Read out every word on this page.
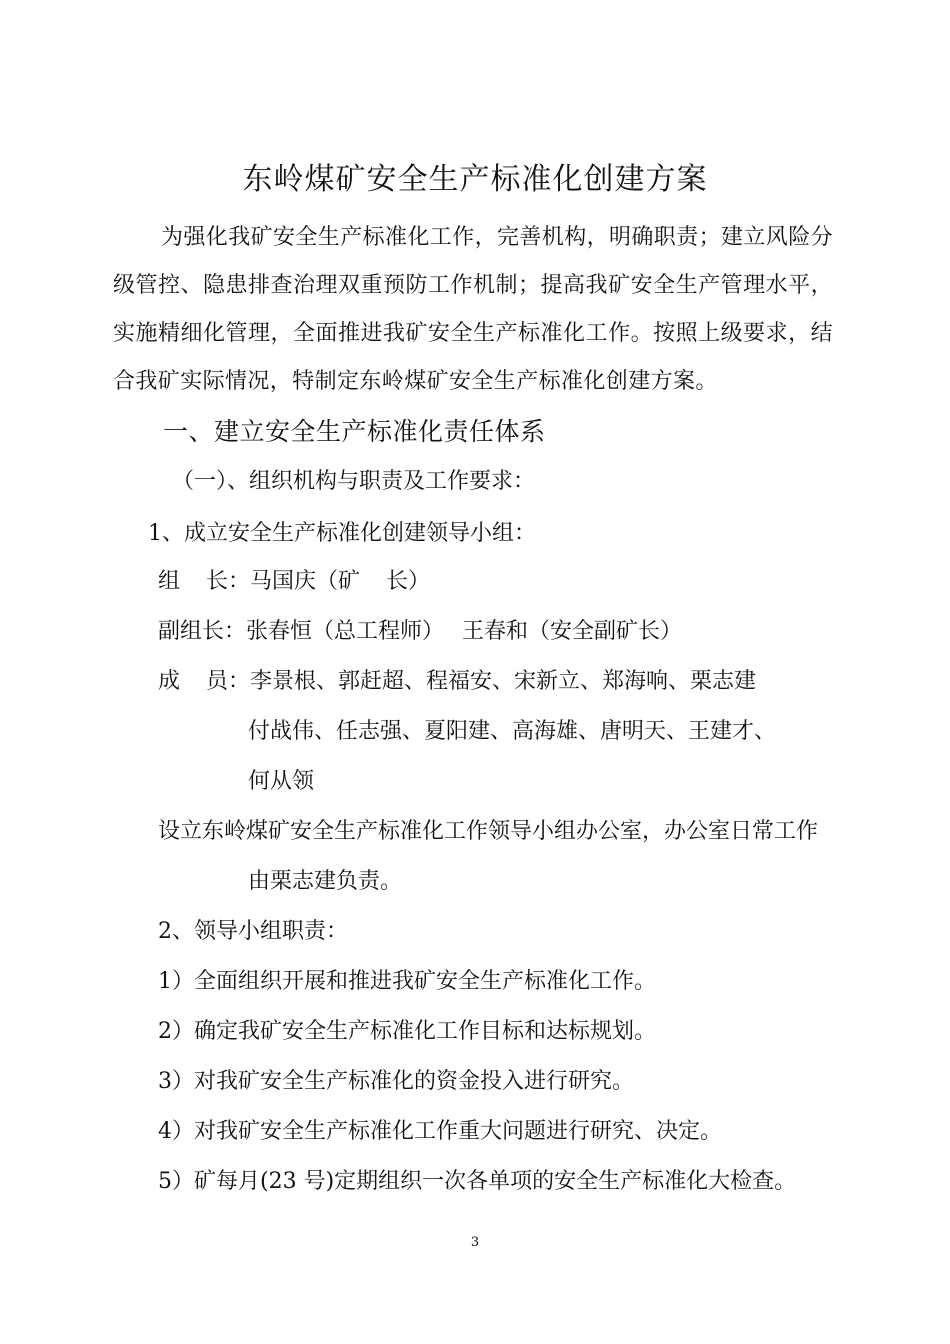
东岭煤矿安全生产标准化创建方案

为强化我矿安全生产标准化工作，完善机构，明确职责；建立风险分级管控、隐患排查治理双重预防工作机制；提高我矿安全生产管理水平，实施精细化管理，全面推进我矿安全生产标准化工作。按照上级要求，结合我矿实际情况，特制定东岭煤矿安全生产标准化创建方案。

一、建立安全生产标准化责任体系
（一）、组织机构与职责及工作要求：
1、成立安全生产标准化创建领导小组：
组 长：马国庆（矿 长）
副组长：张春恒（总工程师） 王春和（安全副矿长）
成 员：李景根、郭赶超、程福安、宋新立、郑海响、栗志建
付战伟、任志强、夏阳建、高海雄、唐明天、王建才、
何从领
设立东岭煤矿安全生产标准化工作领导小组办公室，办公室日常工作
由栗志建负责。
2、领导小组职责：
1）全面组织开展和推进我矿安全生产标准化工作。
2）确定我矿安全生产标准化工作目标和达标规划。
3）对我矿安全生产标准化的资金投入进行研究。
4）对我矿安全生产标准化工作重大问题进行研究、决定。
5）矿每月(23 号)定期组织一次各单项的安全生产标准化大检查。
3
